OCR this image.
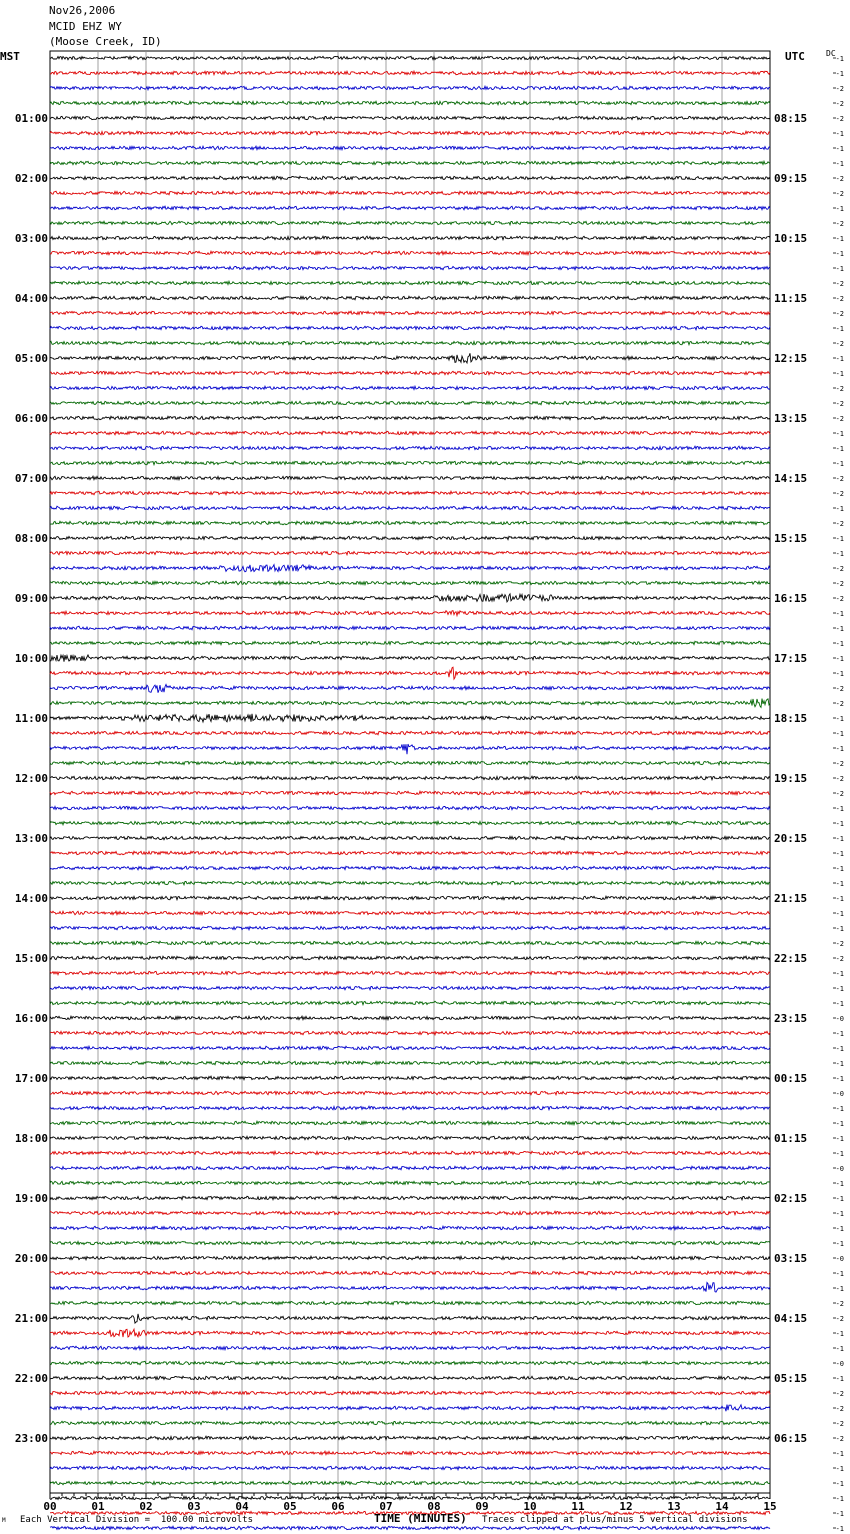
Nov26,2006
MCID EHZ WY
(Moose Creek, ID)
MST	UTC	DC
00	01	02	03	04	05	06	07	08	09	10	11	12	13	14	15
-1
-1
-2
-2
-2
01:00	08:15
-1
-1
-1
-2
02:00	09:15
-2
-1
-2
-1
03:00	10:15
-1
-1
-2
-2
04:00	11:15
-2
-1
-2
-1
05:00	12:15
-1
-2
-2
-2
06:00	13:15
-1
-1
-1
-2
07:00	14:15
-2
-1
-2
-1
08:00	15:15
-1
-2
-2
-2
09:00	16:15
-1
-1
-1
-1
10:00	17:15
-1
-2
-2
-1
11:00	18:15
-1
-1
-2
-2
12:00	19:15
-2
-1
-1
-1
13:00	20:15
-1
-1
-1
-1
14:00	21:15
-1
-1
-2
-2
15:00	22:15
-1
-1
-1
-0
16:00	23:15
-1
-1
-1
-1
17:00	00:15
-0
-1
-1
-1
18:00	01:15
-1
-0
-1
-1
19:00	02:15
-1
-1
-1
-0
20:00	03:15
-1
-1
-2
-2
21:00	04:15
-1
-1
-0
-1
22:00	05:15
-2
-2
-2
-2
23:00	06:15
-1
-1
-1
-1
-1
-1
M Each Vertical Division =  100.00 microvolts	TIME (MINUTES) Traces clipped at plus/minus 5 vertical divisions
